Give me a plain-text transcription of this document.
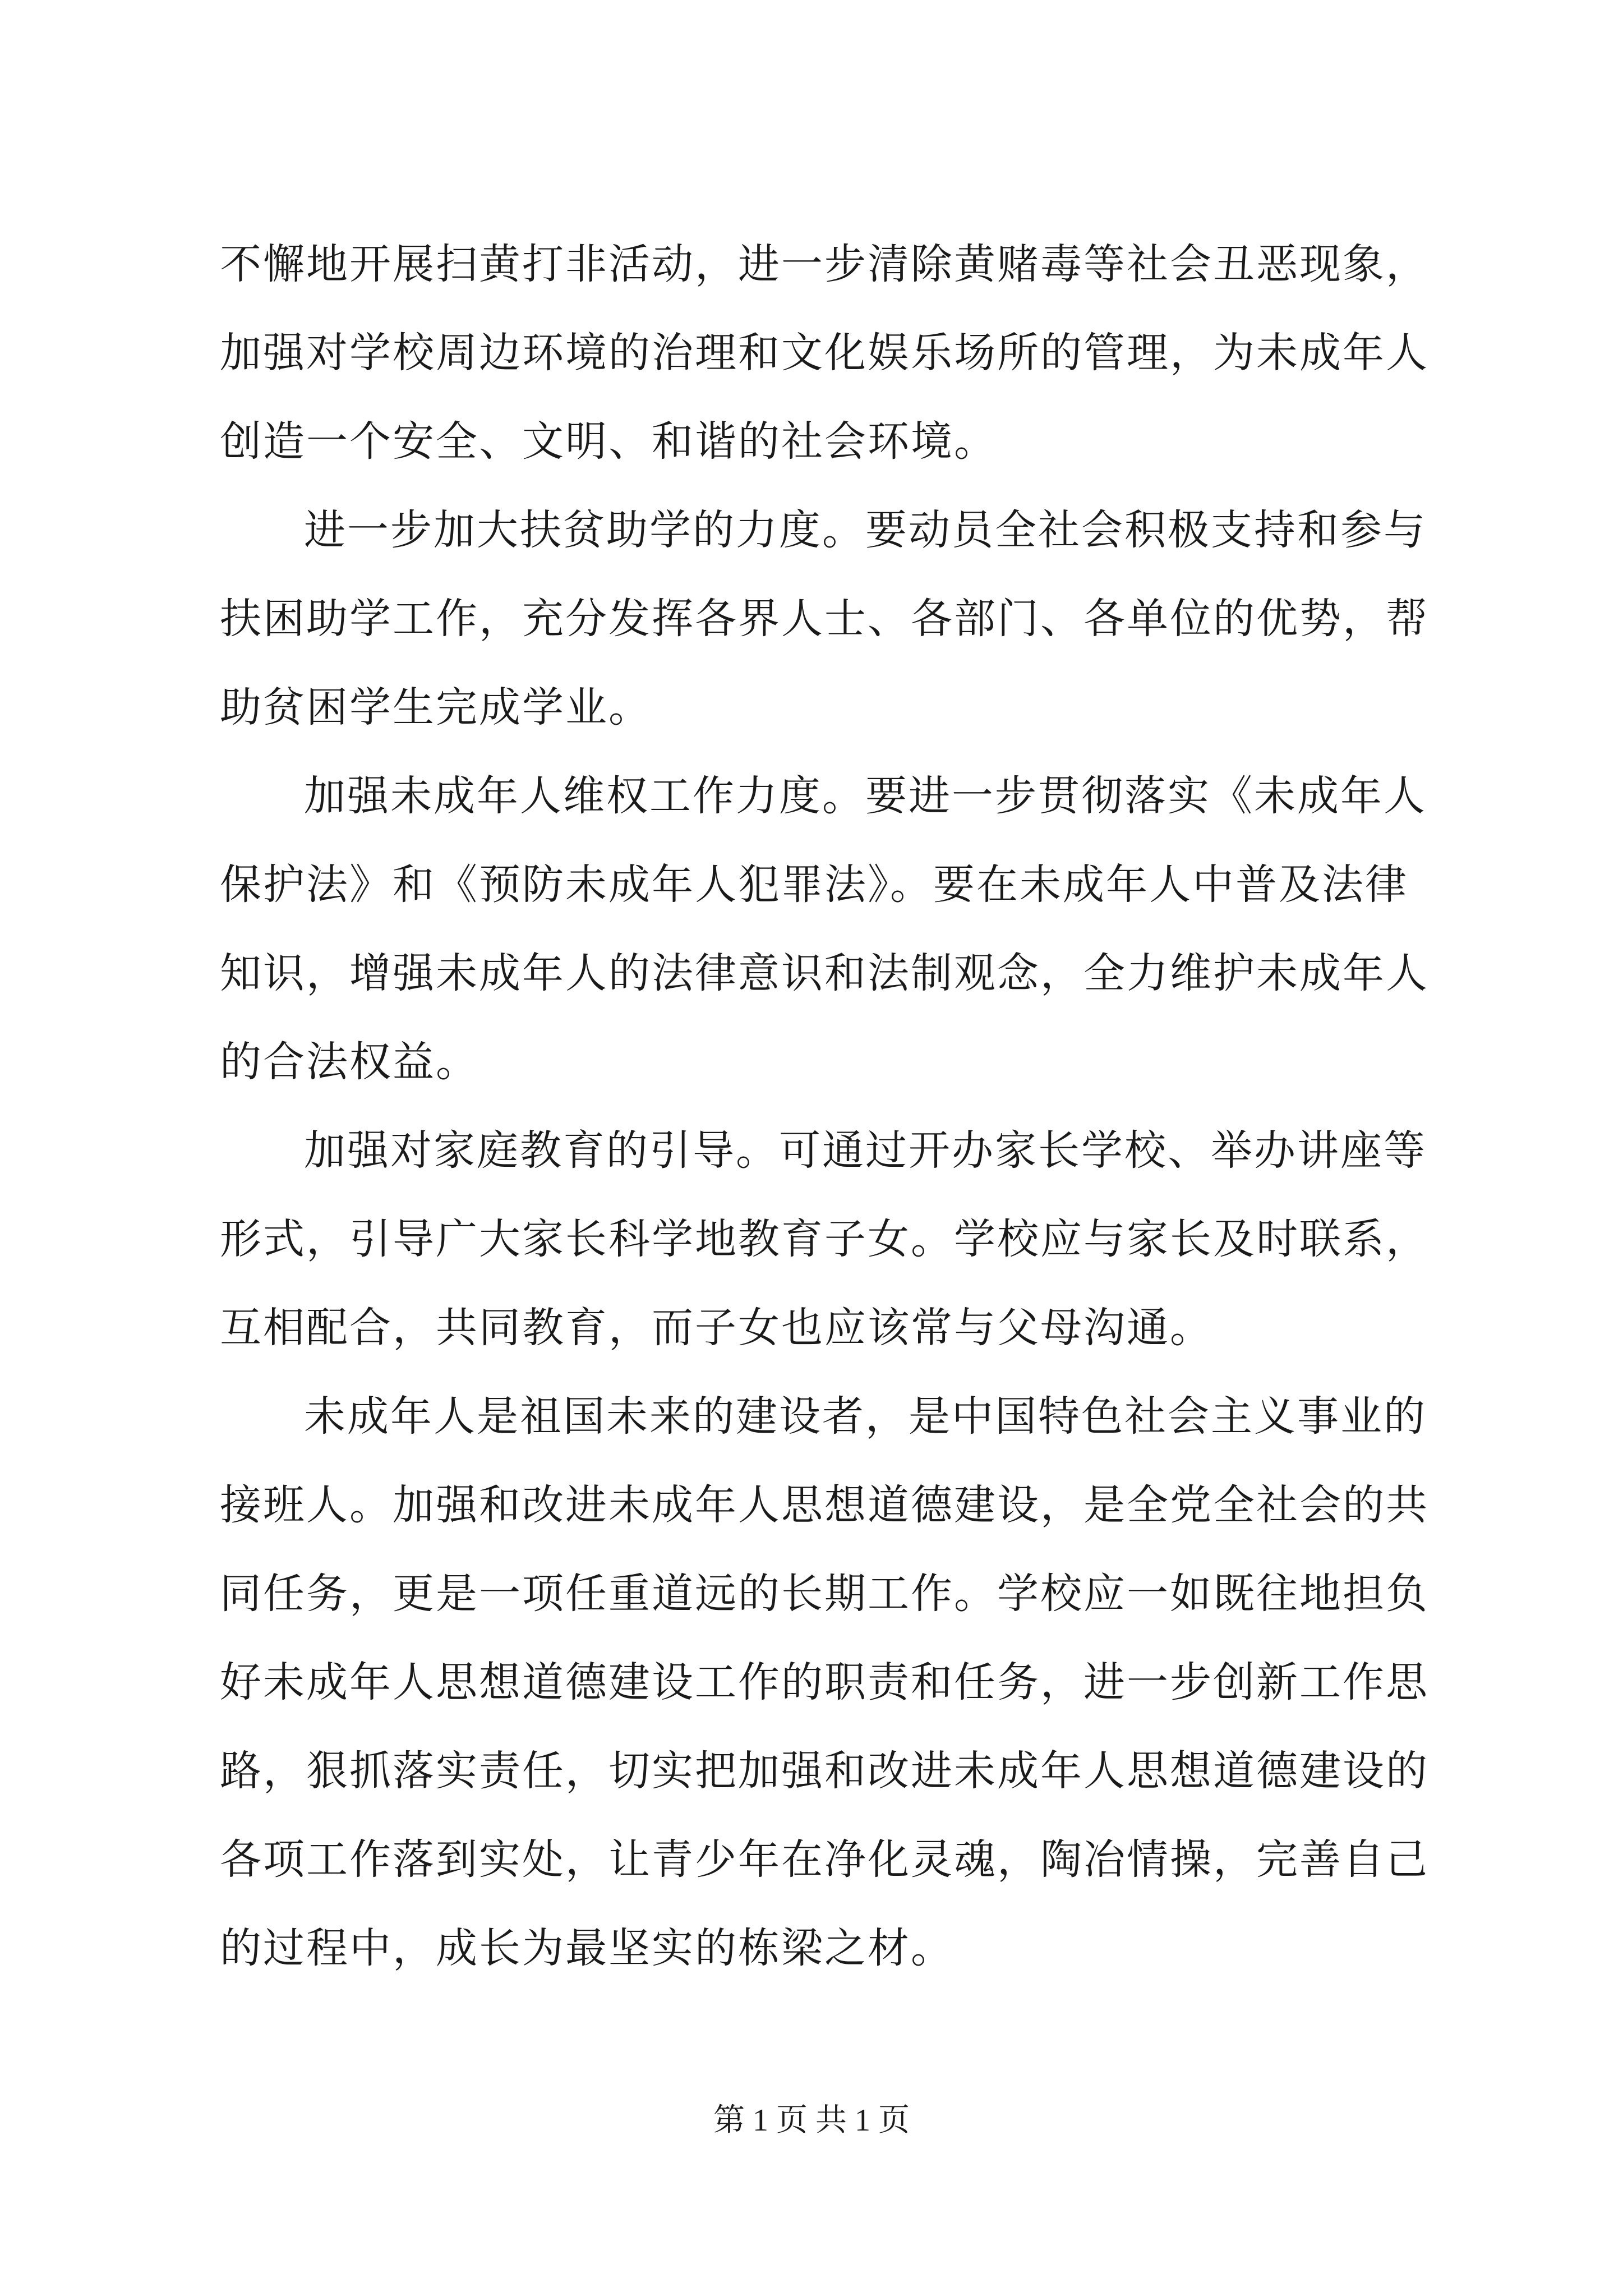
不懈地开展扫黄打非活动，进一步清除黄赌毒等社会丑恶现象，
加强对学校周边环境的治理和文化娱乐场所的管理，为未成年人
创造一个安全、文明、和谐的社会环境。
进一步加大扶贫助学的力度。要动员全社会积极支持和参与
扶困助学工作，充分发挥各界人士、各部门、各单位的优势，帮
助贫困学生完成学业。
加强未成年人维权工作力度。要进一步贯彻落实《未成年人
保护法》和《预防未成年人犯罪法》。要在未成年人中普及法律
知识，增强未成年人的法律意识和法制观念，全力维护未成年人
的合法权益。
加强对家庭教育的引导。可通过开办家长学校、举办讲座等
形式，引导广大家长科学地教育子女。学校应与家长及时联系，
互相配合，共同教育，而子女也应该常与父母沟通。
未成年人是祖国未来的建设者，是中国特色社会主义事业的
接班人。加强和改进未成年人思想道德建设，是全党全社会的共
同任务，更是一项任重道远的长期工作。学校应一如既往地担负
好未成年人思想道德建设工作的职责和任务，进一步创新工作思
路，狠抓落实责任，切实把加强和改进未成年人思想道德建设的
各项工作落到实处，让青少年在净化灵魂，陶冶情操，完善自己
的过程中，成长为最坚实的栋梁之材。
第 1 页 共 1 页
